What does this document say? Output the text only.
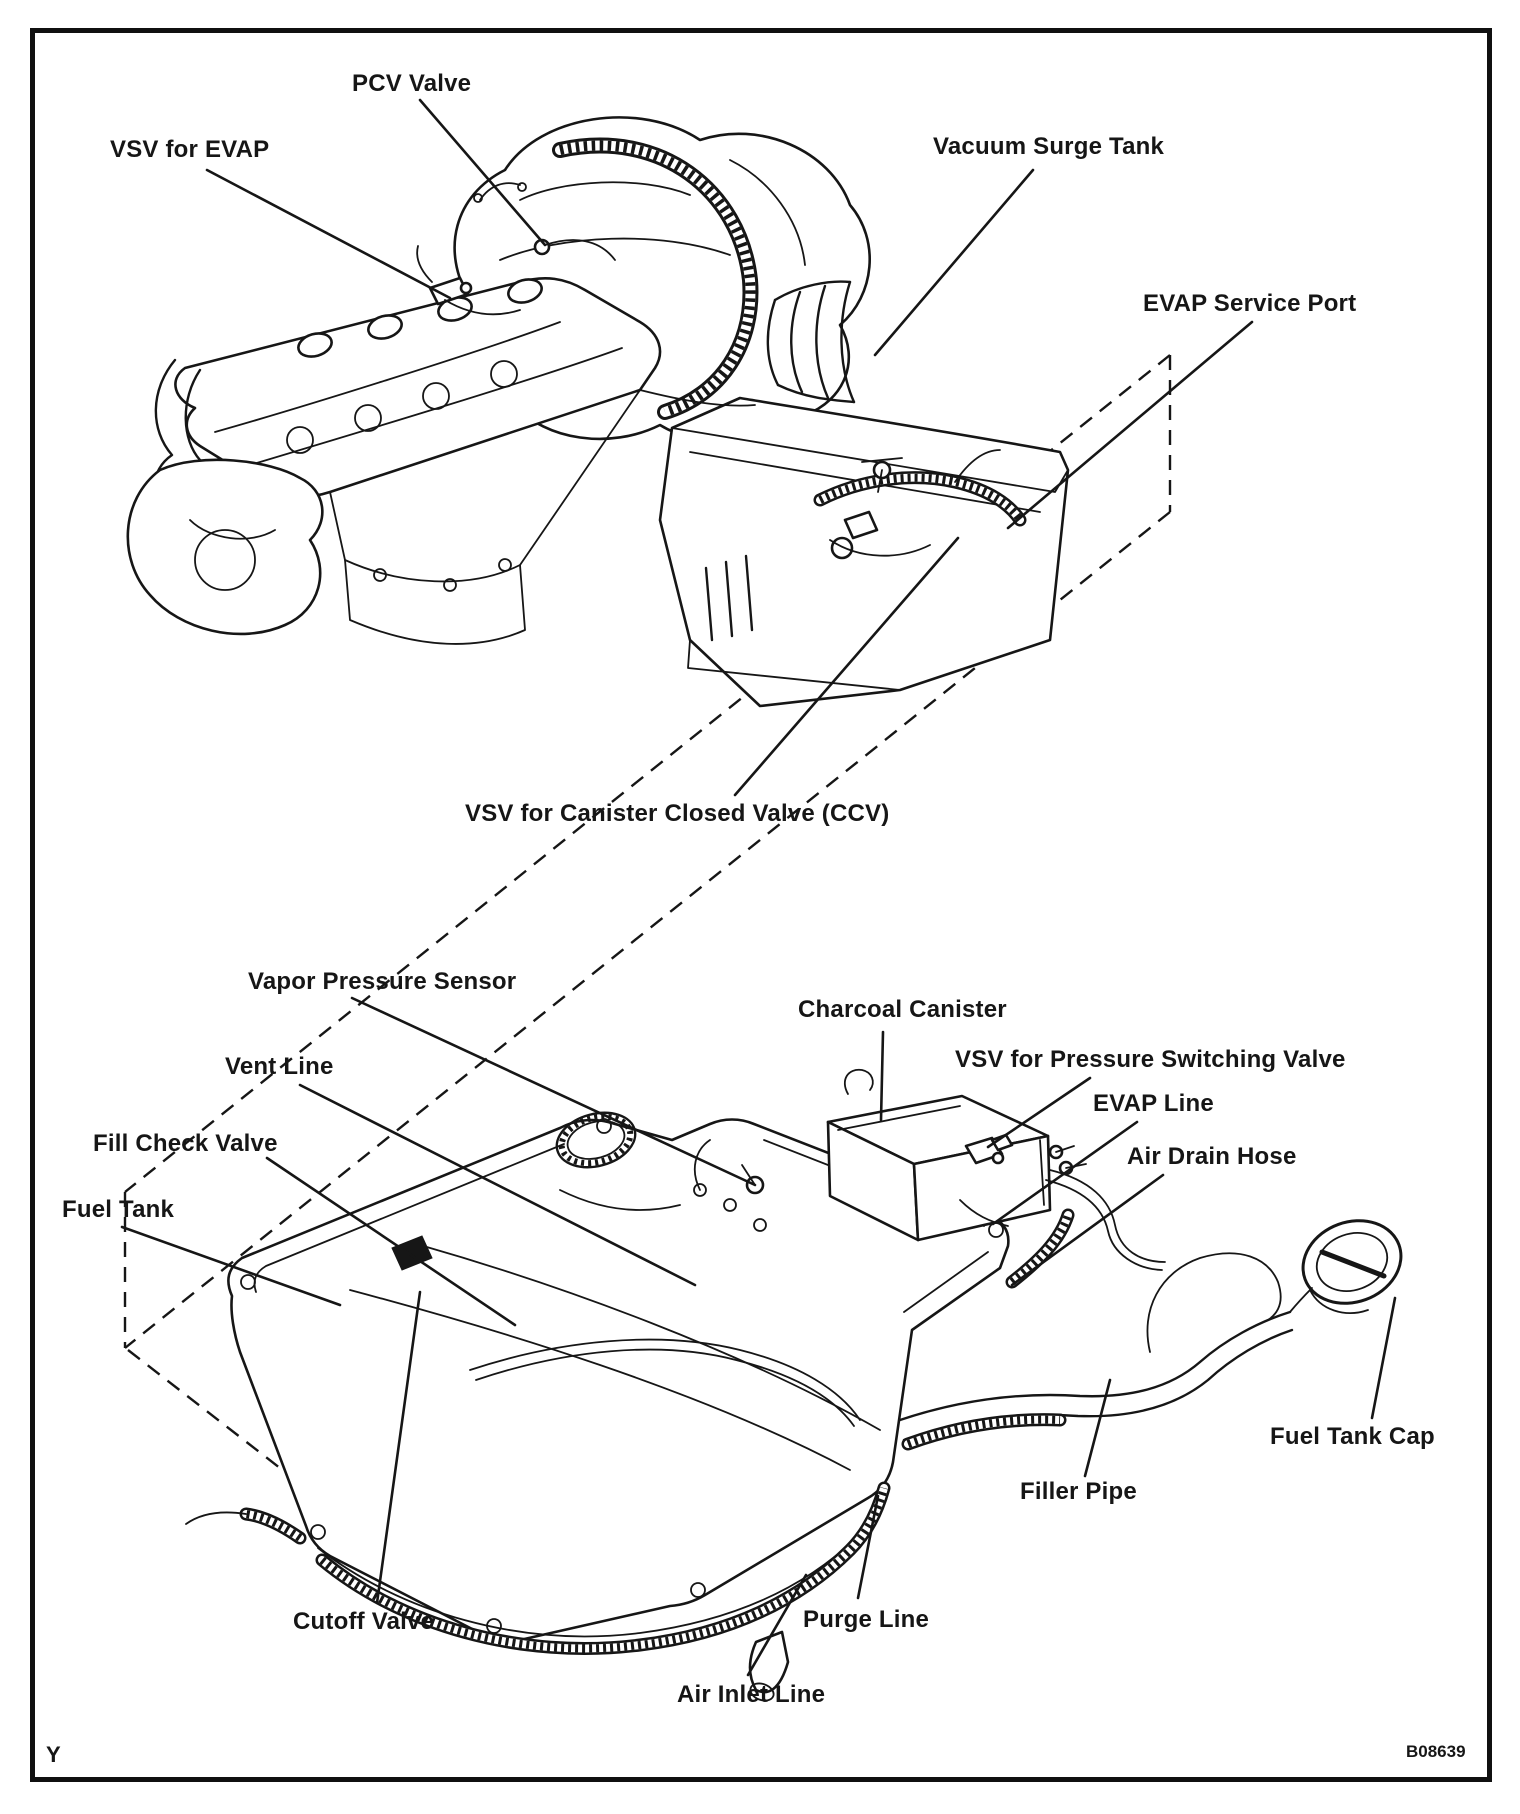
PCV Valve
VSV for EVAP	Vacuum Surge Tank
EVAP Service Port
VSV for Canister Closed Valve (CCV)
Vapor Pressure Sensor
Vent Line
Fill Check Valve
Fuel Tank
Charcoal Canister
VSV for Pressure Switching Valve
EVAP Line
Air Drain Hose
Fuel Tank Cap
Filler Pipe
Cutoff Valve	Purge Line
Air Inlet Line
Y	B08639
